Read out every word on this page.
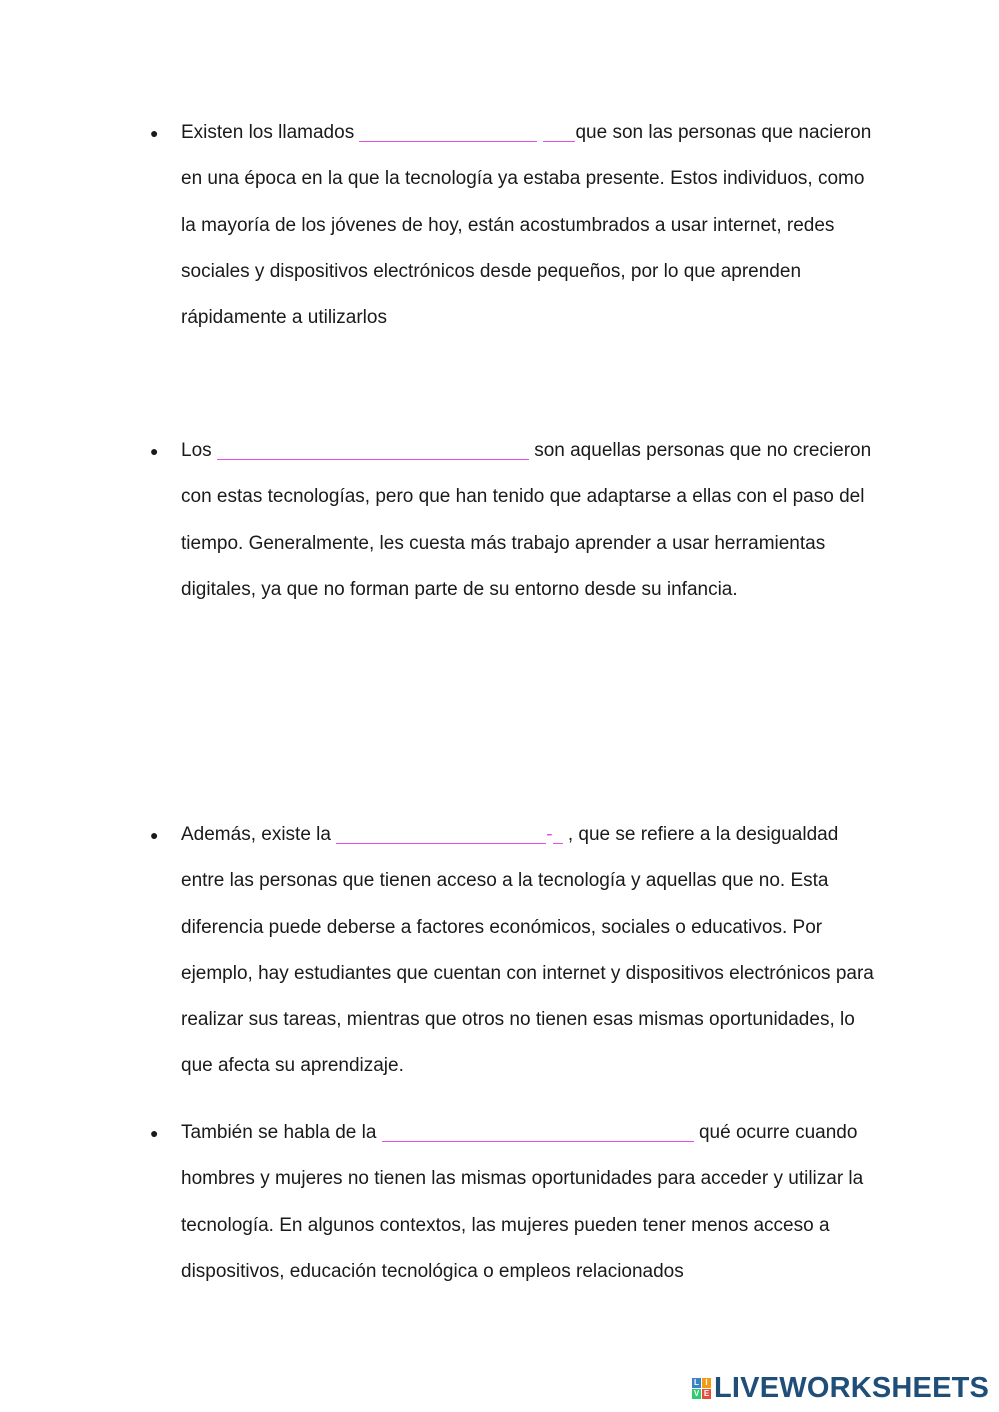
● Existen los llamados	que son las personas que nacieron en una época en la que la tecnología ya estaba presente. Estos individuos, como la mayoría de los jóvenes de hoy, están acostumbrados a usar internet, redes sociales y dispositivos electrónicos desde pequeños, por lo que aprenden rápidamente a utilizarlos
● Los	son aquellas personas que no crecieron con estas tecnologías, pero que han tenido que adaptarse a ellas con el paso del tiempo. Generalmente, les cuesta más trabajo aprender a usar herramientas digitales, ya que no forman parte de su entorno desde su infancia.
● Además, existe la	- , que se refiere a la desigualdad entre las personas que tienen acceso a la tecnología y aquellas que no. Esta diferencia puede deberse a factores económicos, sociales o educativos. Por ejemplo, hay estudiantes que cuentan con internet y dispositivos electrónicos para realizar sus tareas, mientras que otros no tienen esas mismas oportunidades, lo que afecta su aprendizaje.
● También se habla de la	qué ocurre cuando hombres y mujeres no tienen las mismas oportunidades para acceder y utilizar la tecnología. En algunos contextos, las mujeres pueden tener menos acceso a dispositivos, educación tecnológica o empleos relacionados
L I
V E LIVEWORKSHEETS
